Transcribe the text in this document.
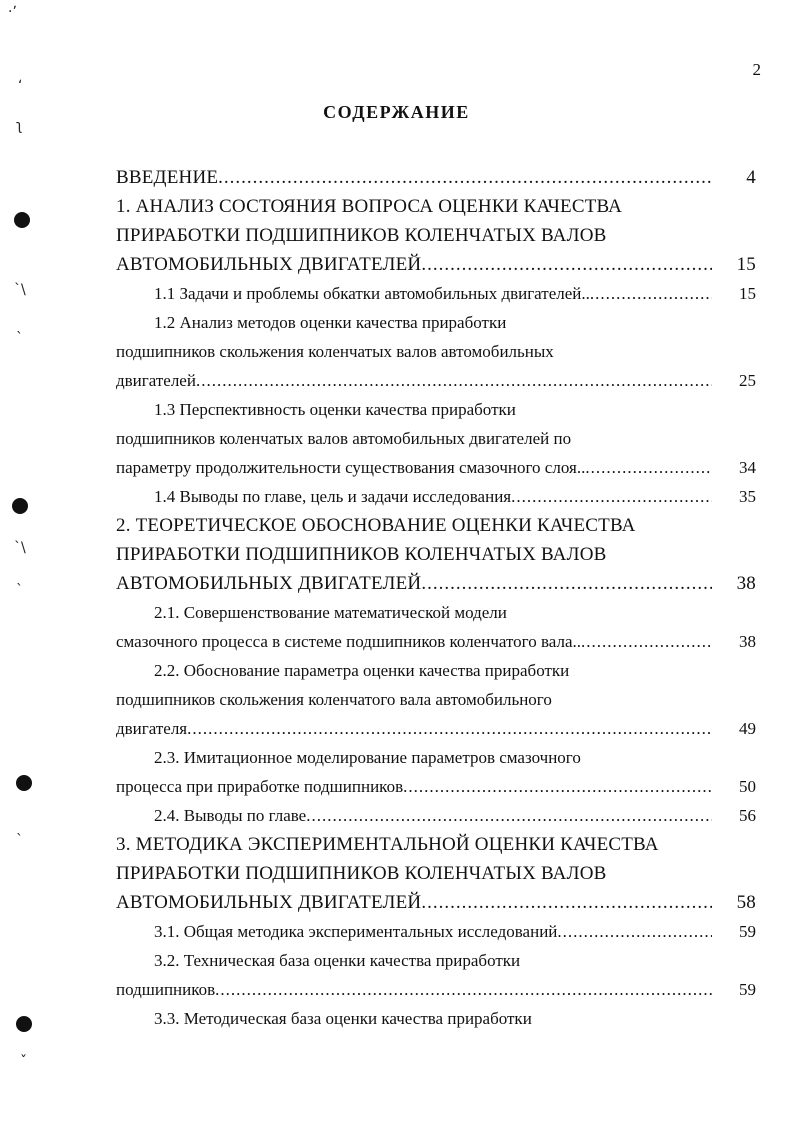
2
СОДЕРЖАНИЕ
ВВЕДЕНИЕ .....	4
1. АНАЛИЗ СОСТОЯНИЯ ВОПРОСА ОЦЕНКИ КАЧЕСТВА
ПРИРАБОТКИ ПОДШИПНИКОВ КОЛЕНЧАТЫХ ВАЛОВ
АВТОМОБИЛЬНЫХ ДВИГАТЕЛЕЙ .....	15
1.1 Задачи и проблемы обкатки автомобильных двигателей.. .....	15
1.2 Анализ методов оценки качества приработки
подшипников скольжения коленчатых валов автомобильных
двигателей .....	25
1.3 Перспективность оценки качества приработки
подшипников коленчатых валов автомобильных двигателей по
параметру продолжительности существования смазочного слоя.. .....	34
1.4 Выводы по главе, цель и задачи исследования .....	35
2. ТЕОРЕТИЧЕСКОЕ ОБОСНОВАНИЕ ОЦЕНКИ КАЧЕСТВА
ПРИРАБОТКИ ПОДШИПНИКОВ КОЛЕНЧАТЫХ ВАЛОВ
АВТОМОБИЛЬНЫХ ДВИГАТЕЛЕЙ .....	38
2.1. Совершенствование математической модели
смазочного процесса в системе подшипников коленчатого вала.. .....	38
2.2. Обоснование параметра оценки качества приработки
подшипников скольжения коленчатого вала автомобильного
двигателя .....	49
2.3. Имитационное моделирование параметров смазочного
процесса при приработке подшипников .....	50
2.4. Выводы по главе .....	56
3. МЕТОДИКА ЭКСПЕРИМЕНТАЛЬНОЙ ОЦЕНКИ КАЧЕСТВА
ПРИРАБОТКИ ПОДШИПНИКОВ КОЛЕНЧАТЫХ ВАЛОВ
АВТОМОБИЛЬНЫХ ДВИГАТЕЛЕЙ .....	58
3.1. Общая методика экспериментальных исследований .....	59
3.2. Техническая база оценки качества приработки
подшипников .....	59
3.3. Методическая база оценки качества приработки
·ʼ
ʻ
ʅ
ˋ\
ˎ
ˋ\
ˎ
ˎ
ˇ
